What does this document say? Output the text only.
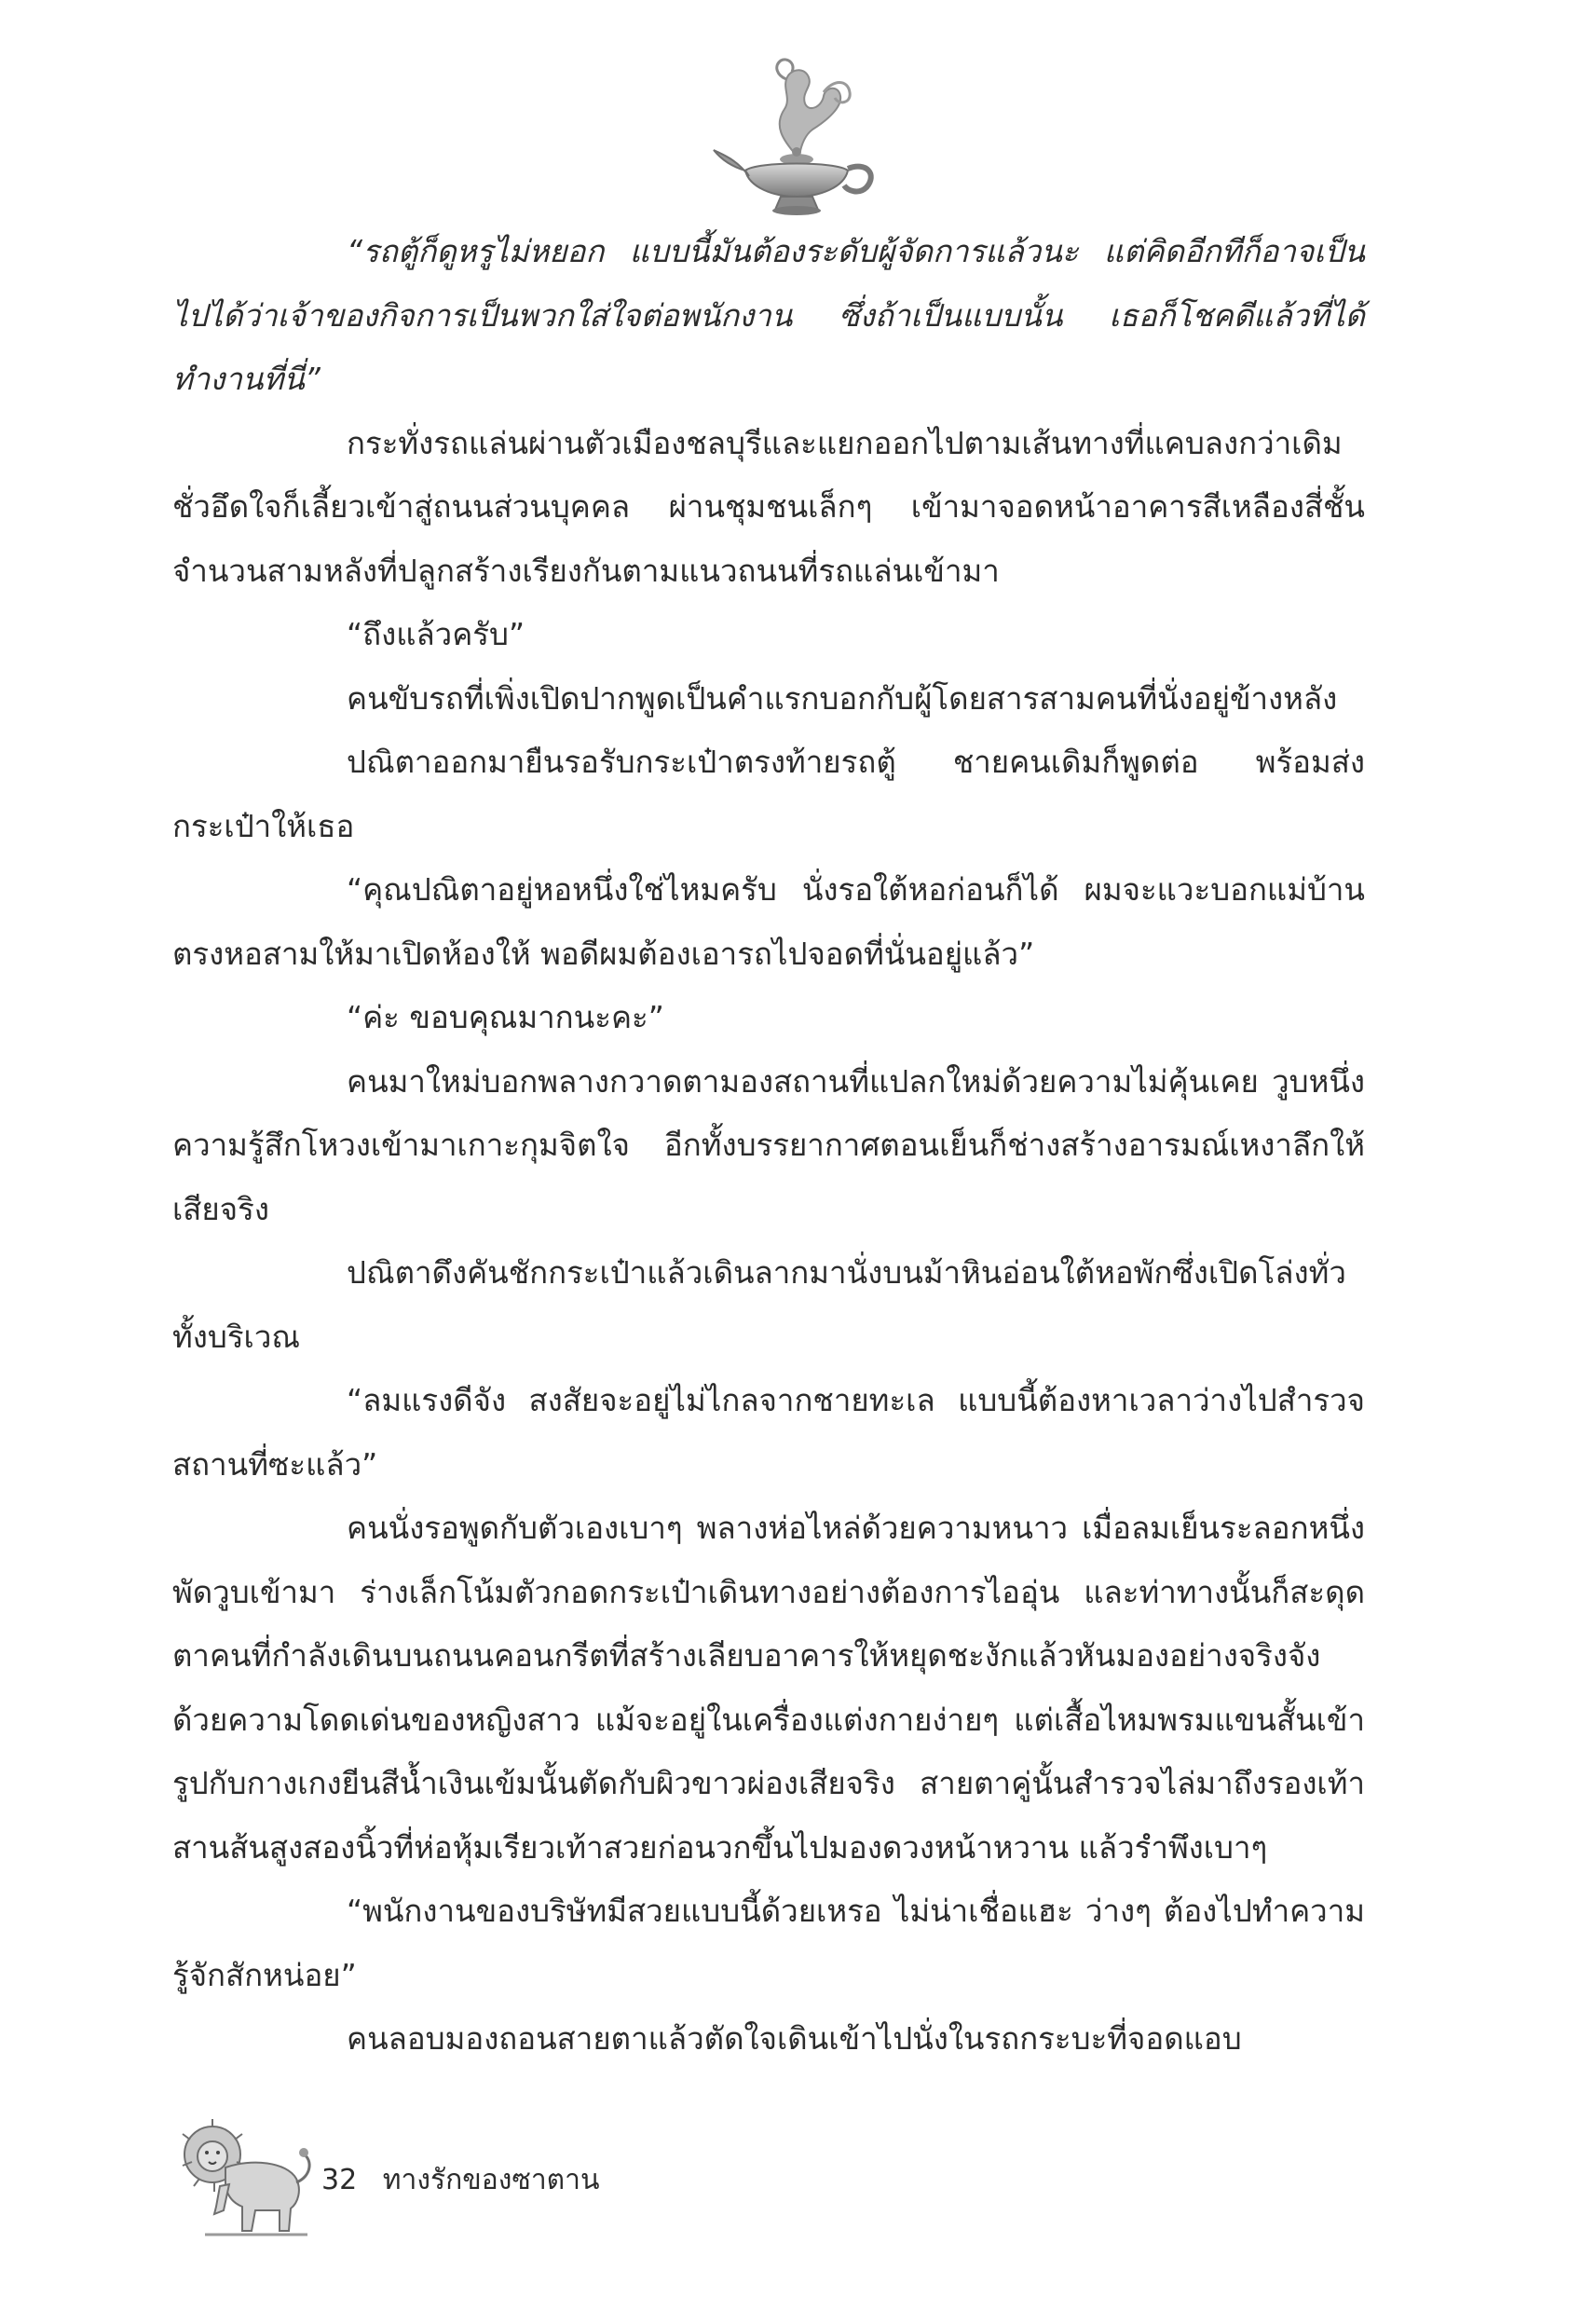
“รถตู้ก็ดูหรูไม่หยอก แบบนี้มันต้องระดับผู้จัดการแล้วนะ แต่คิดอีกทีก็อาจเป็นไปได้ว่าเจ้าของกิจการเป็นพวกใส่ใจต่อพนักงาน ซึ่งถ้าเป็นแบบนั้น เธอก็โชคดีแล้วที่ได้ทำงานที่นี่”

กระทั่งรถแล่นผ่านตัวเมืองชลบุรีและแยกออกไปตามเส้นทางที่แคบลงกว่าเดิม ชั่วอึดใจก็เลี้ยวเข้าสู่ถนนส่วนบุคคล ผ่านชุมชนเล็กๆ เข้ามาจอดหน้าอาคารสีเหลืองสี่ชั้นจำนวนสามหลังที่ปลูกสร้างเรียงกันตามแนวถนนที่รถแล่นเข้ามา

“ถึงแล้วครับ”

คนขับรถที่เพิ่งเปิดปากพูดเป็นคำแรกบอกกับผู้โดยสารสามคนที่นั่งอยู่ข้างหลัง

ปณิตาออกมายืนรอรับกระเป๋าตรงท้ายรถตู้ ชายคนเดิมก็พูดต่อ พร้อมส่งกระเป๋าให้เธอ

“คุณปณิตาอยู่หอหนึ่งใช่ไหมครับ นั่งรอใต้หอก่อนก็ได้ ผมจะแวะบอกแม่บ้านตรงหอสามให้มาเปิดห้องให้ พอดีผมต้องเอารถไปจอดที่นั่นอยู่แล้ว”

“ค่ะ ขอบคุณมากนะคะ”

คนมาใหม่บอกพลางกวาดตามองสถานที่แปลกใหม่ด้วยความไม่คุ้นเคย วูบหนึ่งความรู้สึกโหวงเข้ามาเกาะกุมจิตใจ อีกทั้งบรรยากาศตอนเย็นก็ช่างสร้างอารมณ์เหงาลึกให้เสียจริง

ปณิตาดึงคันชักกระเป๋าแล้วเดินลากมานั่งบนม้าหินอ่อนใต้หอพักซึ่งเปิดโล่งทั่วทั้งบริเวณ

“ลมแรงดีจัง สงสัยจะอยู่ไม่ไกลจากชายทะเล แบบนี้ต้องหาเวลาว่างไปสำรวจสถานที่ซะแล้ว”

คนนั่งรอพูดกับตัวเองเบาๆ พลางห่อไหล่ด้วยความหนาว เมื่อลมเย็นระลอกหนึ่งพัดวูบเข้ามา ร่างเล็กโน้มตัวกอดกระเป๋าเดินทางอย่างต้องการไออุ่น และท่าทางนั้นก็สะดุดตาคนที่กำลังเดินบนถนนคอนกรีตที่สร้างเลียบอาคารให้หยุดชะงักแล้วหันมองอย่างจริงจัง ด้วยความโดดเด่นของหญิงสาว แม้จะอยู่ในเครื่องแต่งกายง่ายๆ แต่เสื้อไหมพรมแขนสั้นเข้ารูปกับกางเกงยีนสีน้ำเงินเข้มนั้นตัดกับผิวขาวผ่องเสียจริง สายตาคู่นั้นสำรวจไล่มาถึงรองเท้าสานส้นสูงสองนิ้วที่ห่อหุ้มเรียวเท้าสวยก่อนวกขึ้นไปมองดวงหน้าหวาน แล้วรำพึงเบาๆ

“พนักงานของบริษัทมีสวยแบบนี้ด้วยเหรอ ไม่น่าเชื่อแฮะ ว่างๆ ต้องไปทำความรู้จักสักหน่อย”

คนลอบมองถอนสายตาแล้วตัดใจเดินเข้าไปนั่งในรถกระบะที่จอดแอบ

32 ทางรักของซาตาน
